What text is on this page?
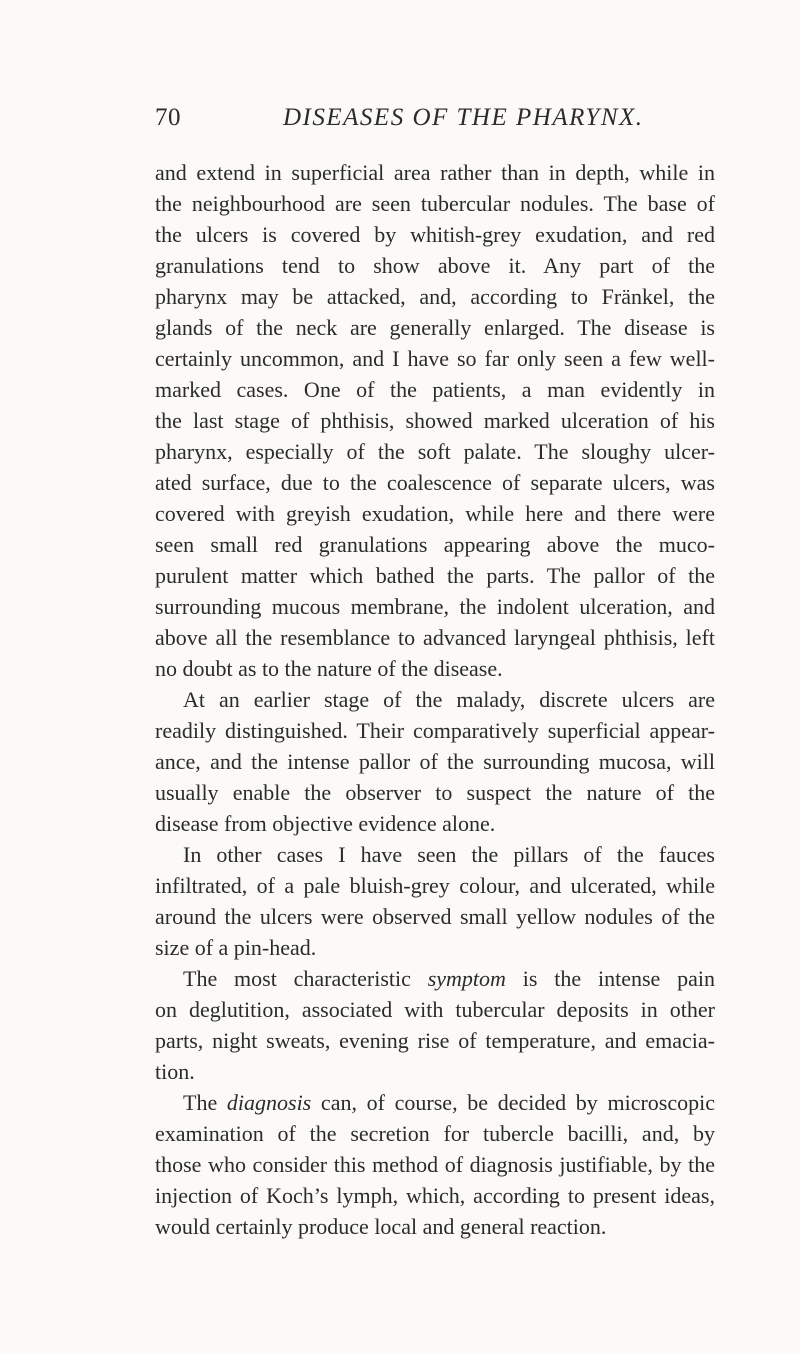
70	DISEASES OF THE PHARYNX.
and extend in superficial area rather than in depth, while in
the neighbourhood are seen tubercular nodules. The base of
the ulcers is covered by whitish-grey exudation, and red
granulations tend to show above it. Any part of the
pharynx may be attacked, and, according to Fränkel, the
glands of the neck are generally enlarged. The disease is
certainly uncommon, and I have so far only seen a few well-
marked cases. One of the patients, a man evidently in
the last stage of phthisis, showed marked ulceration of his
pharynx, especially of the soft palate. The sloughy ulcer-
ated surface, due to the coalescence of separate ulcers, was
covered with greyish exudation, while here and there were
seen small red granulations appearing above the muco-
purulent matter which bathed the parts. The pallor of the
surrounding mucous membrane, the indolent ulceration, and
above all the resemblance to advanced laryngeal phthisis, left
no doubt as to the nature of the disease.
At an earlier stage of the malady, discrete ulcers are
readily distinguished. Their comparatively superficial appear-
ance, and the intense pallor of the surrounding mucosa, will
usually enable the observer to suspect the nature of the
disease from objective evidence alone.
In other cases I have seen the pillars of the fauces
infiltrated, of a pale bluish-grey colour, and ulcerated, while
around the ulcers were observed small yellow nodules of the
size of a pin-head.
The most characteristic symptom is the intense pain
on deglutition, associated with tubercular deposits in other
parts, night sweats, evening rise of temperature, and emacia-
tion.
The diagnosis can, of course, be decided by microscopic
examination of the secretion for tubercle bacilli, and, by
those who consider this method of diagnosis justifiable, by the
injection of Koch’s lymph, which, according to present ideas,
would certainly produce local and general reaction.
